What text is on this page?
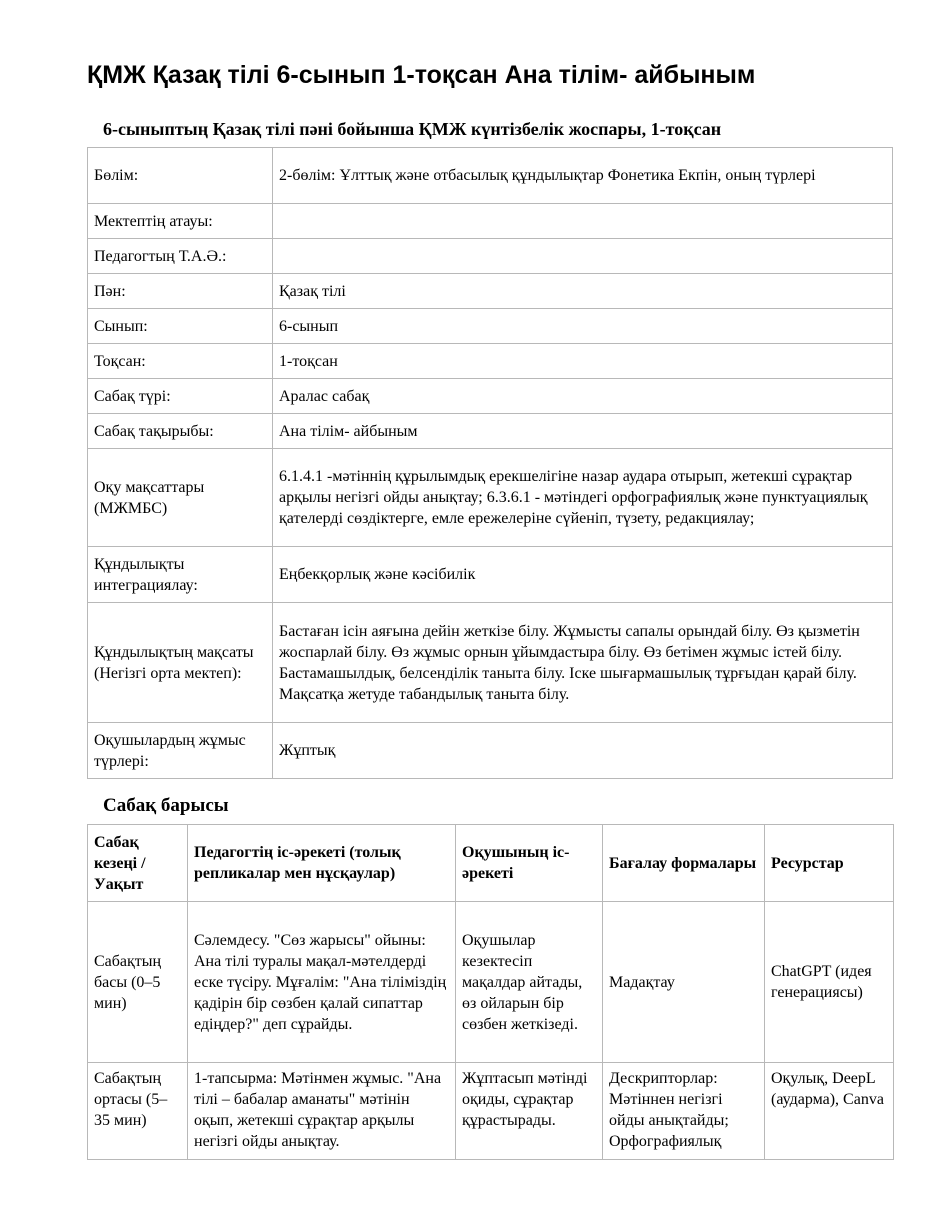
ҚМЖ Қазақ тілі 6-сынып 1-тоқсан Ана тілім- айбыным
6-сыныптың Қазақ тілі пәні бойынша ҚМЖ күнтізбелік жоспары, 1-тоқсан
Бөлім:	2-бөлім: Ұлттық және отбасылық құндылықтар Фонетика Екпін, оның түрлері
Мектептің атауы:	
Педагогтың Т.А.Ә.:	
Пән:	Қазақ тілі
Сынып:	6-сынып
Тоқсан:	1-тоқсан
Сабақ түрі:	Аралас сабақ
Сабақ тақырыбы:	Ана тілім- айбыным
Оқу мақсаттары (МЖМБС)	6.1.4.1 -мәтіннің құрылымдық ерекшелігіне назар аудара отырып, жетекші сұрақтар арқылы негізгі ойды анықтау; 6.3.6.1 - мәтіндегі орфографиялық және пунктуациялық қателерді сөздіктерге, емле ережелеріне сүйеніп, түзету, редакциялау;
Құндылықты интеграциялау:	Еңбекқорлық және кәсібилік
Құндылықтың мақсаты (Негізгі орта мектеп):	Бастаған ісін аяғына дейін жеткізе білу. Жұмысты сапалы орындай білу. Өз қызметін жоспарлай білу. Өз жұмыс орнын ұйымдастыра білу. Өз бетімен жұмыс істей білу. Бастамашылдық, белсенділік таныта білу. Іске шығармашылық тұрғыдан қарай білу. Мақсатқа жетуде табандылық таныта білу.
Оқушылардың жұмыс түрлері:	Жұптық
Сабақ барысы
Сабақ кезеңі / Уақыт	Педагогтің іс-әрекеті (толық репликалар мен нұсқаулар)	Оқушының іс-әрекеті	Бағалау формалары	Ресурстар
Сабақтың басы (0–5 мин)	Сәлемдесу. "Сөз жарысы" ойыны: Ана тілі туралы мақал-мәтелдерді еске түсіру. Мұғалім: "Ана тіліміздің қадірін бір сөзбен қалай сипаттар едіңдер?" деп сұрайды.	Оқушылар кезектесіп мақалдар айтады, өз ойларын бір сөзбен жеткізеді.	Мадақтау	ChatGPT (идея генерациясы)
Сабақтың ортасы (5–35 мин)	1-тапсырма: Мәтінмен жұмыс. "Ана тілі – бабалар аманаты" мәтінін оқып, жетекші сұрақтар арқылы негізгі ойды анықтау.	Жұптасып мәтінді оқиды, сұрақтар құрастырады.	Дескрипторлар: Мәтіннен негізгі ойды анықтайды; Орфографиялық	Оқулық, DeepL (аударма), Canva
